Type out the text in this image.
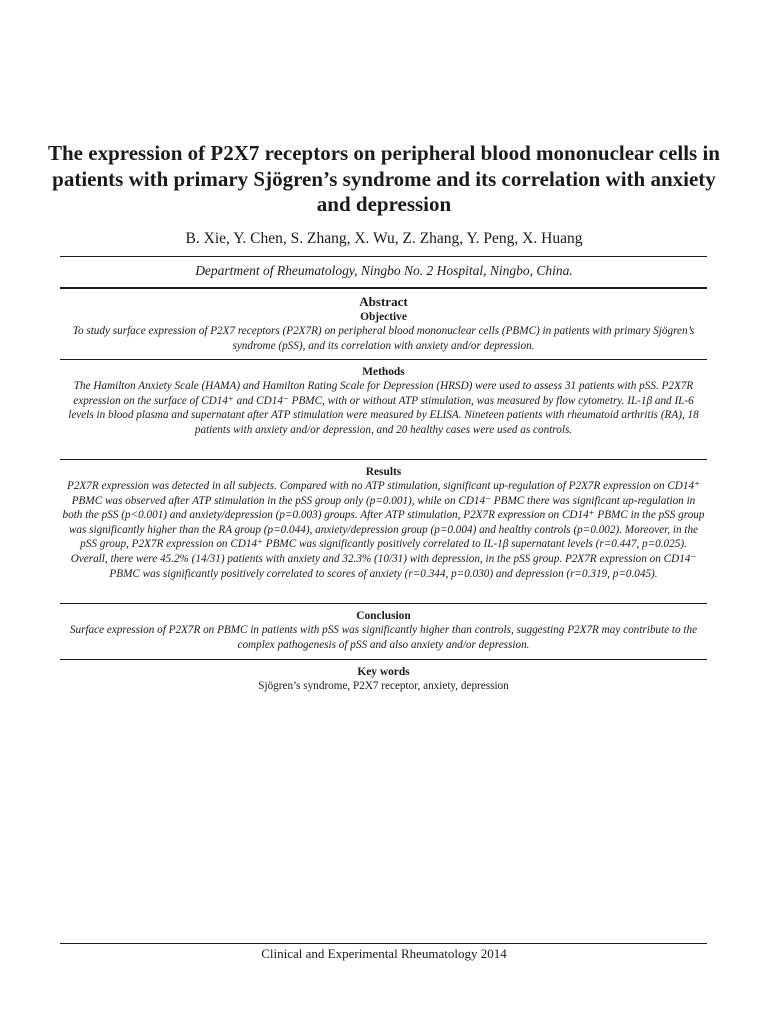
The expression of P2X7 receptors on peripheral blood mononuclear cells in patients with primary Sjögren’s syndrome and its correlation with anxiety and depression

B. Xie, Y. Chen, S. Zhang, X. Wu, Z. Zhang, Y. Peng, X. Huang

Department of Rheumatology, Ningbo No. 2 Hospital, Ningbo, China.

Abstract
Objective

To study surface expression of P2X7 receptors (P2X7R) on peripheral blood mononuclear cells (PBMC) in patients with primary Sjögren’s syndrome (pSS), and its correlation with anxiety and/or depression.

Methods

The Hamilton Anxiety Scale (HAMA) and Hamilton Rating Scale for Depression (HRSD) were used to assess 31 patients with pSS. P2X7R expression on the surface of CD14⁺ and CD14⁻ PBMC, with or without ATP stimulation, was measured by flow cytometry. IL-1β and IL-6 levels in blood plasma and supernatant after ATP stimulation were measured by ELISA. Nineteen patients with rheumatoid arthritis (RA), 18 patients with anxiety and/or depression, and 20 healthy cases were used as controls.

Results

P2X7R expression was detected in all subjects. Compared with no ATP stimulation, significant up-regulation of P2X7R expression on CD14⁺ PBMC was observed after ATP stimulation in the pSS group only (p=0.001), while on CD14⁻ PBMC there was significant up-regulation in both the pSS (p<0.001) and anxiety/depression (p=0.003) groups. After ATP stimulation, P2X7R expression on CD14⁺ PBMC in the pSS group was significantly higher than the RA group (p=0.044), anxiety/depression group (p=0.004) and healthy controls (p=0.002). Moreover, in the pSS group, P2X7R expression on CD14⁺ PBMC was significantly positively correlated to IL-1β supernatant levels (r=0.447, p=0.025). Overall, there were 45.2% (14/31) patients with anxiety and 32.3% (10/31) with depression, in the pSS group. P2X7R expression on CD14⁻ PBMC was significantly positively correlated to scores of anxiety (r=0.344, p=0.030) and depression (r=0.319, p=0.045).

Conclusion

Surface expression of P2X7R on PBMC in patients with pSS was significantly higher than controls, suggesting P2X7R may contribute to the complex pathogenesis of pSS and also anxiety and/or depression.

Key words

Sjögren’s syndrome, P2X7 receptor, anxiety, depression

Clinical and Experimental Rheumatology 2014
